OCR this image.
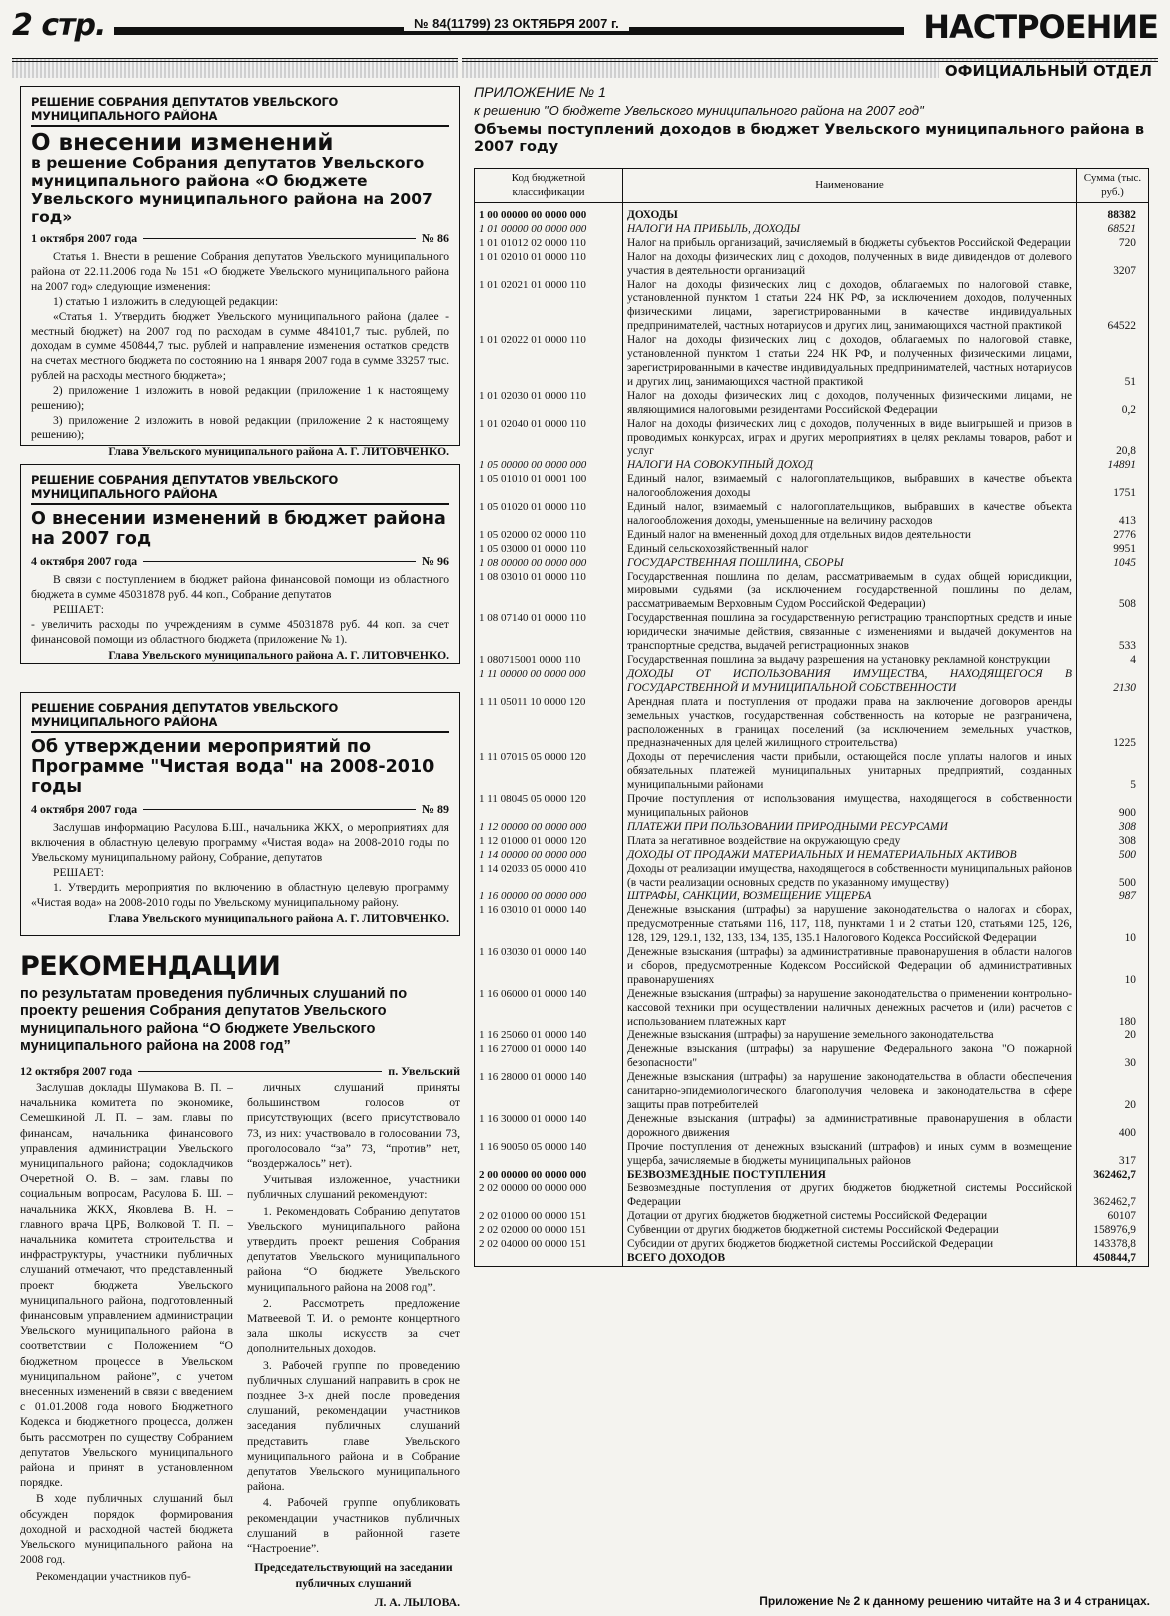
2 стр.	№ 84(11799) 23 ОКТЯБРЯ 2007 г.	НАСТРОЕНИЕ
ОФИЦИАЛЬНЫЙ ОТДЕЛ
РЕШЕНИЕ СОБРАНИЯ ДЕПУТАТОВ УВЕЛЬСКОГО МУНИЦИПАЛЬНОГО РАЙОНА
О внесении изменений
в решение Собрания депутатов Увельского муниципального района «О бюджете Увельского муниципального района на 2007 год»
1 октября 2007 года	№ 86

Статья 1. Внести в решение Собрания депутатов Увельского муниципального района от 22.11.2006 года № 151 «О бюджете Увельского муниципального района на 2007 год» следующие изменения:

1) статью 1 изложить в следующей редакции:

«Статья 1. Утвердить бюджет Увельского муниципального района (далее - местный бюджет) на 2007 год по расходам в сумме 484101,7 тыс. рублей, по доходам в сумме 450844,7 тыс. рублей и направление изменения остатков средств на счетах местного бюджета по состоянию на 1 января 2007 года в сумме 33257 тыс. рублей на расходы местного бюджета»;

2) приложение 1 изложить в новой редакции (приложение 1 к настоящему решению);

3) приложение 2 изложить в новой редакции (приложение 2 к настоящему решению);

Глава Увельского муниципального района А. Г. ЛИТОВЧЕНКО.

РЕШЕНИЕ СОБРАНИЯ ДЕПУТАТОВ УВЕЛЬСКОГО МУНИЦИПАЛЬНОГО РАЙОНА
О внесении изменений в бюджет района на 2007 год
4 октября 2007 года	№ 96

В связи с поступлением в бюджет района финансовой помощи из областного бюджета в сумме 45031878 руб. 44 коп., Собрание депутатов

РЕШАЕТ:

- увеличить расходы по учреждениям в сумме 45031878 руб. 44 коп. за счет финансовой помощи из областного бюджета (приложение № 1).

Глава Увельского муниципального района А. Г. ЛИТОВЧЕНКО.

РЕШЕНИЕ СОБРАНИЯ ДЕПУТАТОВ УВЕЛЬСКОГО МУНИЦИПАЛЬНОГО РАЙОНА
Об утверждении мероприятий по Программе "Чистая вода" на 2008-2010 годы
4 октября 2007 года	№ 89

Заслушав информацию Расулова Б.Ш., начальника ЖКХ, о мероприятиях для включения в областную целевую программу «Чистая вода» на 2008-2010 годы по Увельскому муниципальному району, Собрание, депутатов

РЕШАЕТ:

1. Утвердить мероприятия по включению в областную целевую программу «Чистая вода» на 2008-2010 годы по Увельскому муниципальному району.

Глава Увельского муниципального района А. Г. ЛИТОВЧЕНКО.

РЕКОМЕНДАЦИИ
по результатам проведения публичных слушаний по проекту решения Собрания депутатов Увельского муниципального района “О бюджете Увельского муниципального района на 2008 год”
12 октября 2007 года	п. Увельский

Заслушав доклады Шумакова В. П. – начальника комитета по экономике, Семешкиной Л. П. – зам. главы по финансам, начальника финансового управления администрации Увельского муниципального района; содокладчиков Очеретной О. В. – зам. главы по социальным вопросам, Расулова Б. Ш. – начальника ЖКХ, Яковлева В. Н. – главного врача ЦРБ, Волковой Т. П. – начальника комитета строительства и инфраструктуры, участники публичных слушаний отмечают, что представленный проект бюджета Увельского муниципального района, подготовленный финансовым управлением администрации Увельского муниципального района в соответствии с Положением “О бюджетном процессе в Увельском муниципальном районе”, с учетом внесенных изменений в связи с введением с 01.01.2008 года нового Бюджетного Кодекса и бюджетного процесса, должен быть рассмотрен по существу Собранием депутатов Увельского муниципального района и принят в установленном порядке.

В ходе публичных слушаний был обсужден порядок формирования доходной и расходной частей бюджета Увельского муниципального района на 2008 год.

Рекомендации участников пуб-

личных слушаний приняты большинством голосов от присутствующих (всего присутствовало 73, из них: участвовало в голосовании 73, проголосовало “за” 73, “против” нет, “воздержалось” нет).

Учитывая изложенное, участники публичных слушаний рекомендуют:

1. Рекомендовать Собранию депутатов Увельского муниципального района утвердить проект решения Собрания депутатов Увельского муниципального района “О бюджете Увельского муниципального района на 2008 год”.

2. Рассмотреть предложение Матвеевой Т. И. о ремонте концертного зала школы искусств за счет дополнительных доходов.

3. Рабочей группе по проведению публичных слушаний направить в срок не позднее 3-х дней после проведения слушаний, рекомендации участников заседания публичных слушаний представить главе Увельского муниципального района и в Собрание депутатов Увельского муниципального района.

4. Рабочей группе опубликовать рекомендации участников публичных слушаний в районной газете “Настроение”.

Председательствующий на заседании публичных слушаний

Л. А. ЛЫЛОВА.

ПРИЛОЖЕНИЕ № 1
к решению "О бюджете Увельского муниципального района на 2007 год"
Объемы поступлений доходов в бюджет Увельского муниципального района в 2007 году
Код бюджетной классификации	Наименование	Сумма (тыс. руб.)
1 00 00000 00 0000 000	ДОХОДЫ	88382
1 01 00000 00 0000 000	НАЛОГИ НА ПРИБЫЛЬ, ДОХОДЫ	68521
1 01 01012 02 0000 110	Налог на прибыль организаций, зачисляемый в бюджеты субъектов Российской Федерации	720
1 01 02010 01 0000 110	Налог на доходы физических лиц с доходов, полученных в виде дивидендов от долевого участия в деятельности организаций	3207
1 01 02021 01 0000 110	Налог на доходы физических лиц с доходов, облагаемых по налоговой ставке, установленной пунктом 1 статьи 224 НК РФ, за исключением доходов, полученных физическими лицами, зарегистрированными в качестве индивидуальных предпринимателей, частных нотариусов и других лиц, занимающихся частной практикой	64522
1 01 02022 01 0000 110	Налог на доходы физических лиц с доходов, облагаемых по налоговой ставке, установленной пунктом 1 статьи 224 НК РФ, и полученных физическими лицами, зарегистрированными в качестве индивидуальных предпринимателей, частных нотариусов и других лиц, занимающихся частной практикой	51
1 01 02030 01 0000 110	Налог на доходы физических лиц с доходов, полученных физическими лицами, не являющимися налоговыми резидентами Российской Федерации	0,2
1 01 02040 01 0000 110	Налог на доходы физических лиц с доходов, полученных в виде выигрышей и призов в проводимых конкурсах, играх и других мероприятиях в целях рекламы товаров, работ и услуг	20,8
1 05 00000 00 0000 000	НАЛОГИ НА СОВОКУПНЫЙ ДОХОД	14891
1 05 01010 01 0001 100	Единый налог, взимаемый с налогоплательщиков, выбравших в качестве объекта налогообложения доходы	1751
1 05 01020 01 0000 110	Единый налог, взимаемый с налогоплательщиков, выбравших в качестве объекта налогообложения доходы, уменьшенные на величину расходов	413
1 05 02000 02 0000 110	Единый налог на вмененный доход для отдельных видов деятельности	2776
1 05 03000 01 0000 110	Единый сельскохозяйственный налог	9951
1 08 00000 00 0000 000	ГОСУДАРСТВЕННАЯ ПОШЛИНА, СБОРЫ	1045
1 08 03010 01 0000 110	Государственная пошлина по делам, рассматриваемым в судах общей юрисдикции, мировыми судьями (за исключением государственной пошлины по делам, рассматриваемым Верховным Судом Российской Федерации)	508
1 08 07140 01 0000 110	Государственная пошлина за государственную регистрацию транспортных средств и иные юридически значимые действия, связанные с изменениями и выдачей документов на транспортные средства, выдачей регистрационных знаков	533
1 080715001 0000 110	Государственная пошлина за выдачу разрешения на установку рекламной конструкции	4
1 11 00000 00 0000 000	ДОХОДЫ ОТ ИСПОЛЬЗОВАНИЯ ИМУЩЕСТВА, НАХОДЯЩЕГОСЯ В ГОСУДАРСТВЕННОЙ И МУНИЦИПАЛЬНОЙ СОБСТВЕННОСТИ	2130
1 11 05011 10 0000 120	Арендная плата и поступления от продажи права на заключение договоров аренды земельных участков, государственная собственность на которые не разграничена, расположенных в границах поселений (за исключением земельных участков, предназначенных для целей жилищного строительства)	1225
1 11 07015 05 0000 120	Доходы от перечисления части прибыли, остающейся после уплаты налогов и иных обязательных платежей муниципальных унитарных предприятий, созданных муниципальными районами	5
1 11 08045 05 0000 120	Прочие поступления от использования имущества, находящегося в собственности муниципальных районов	900
1 12 00000 00 0000 000	ПЛАТЕЖИ ПРИ ПОЛЬЗОВАНИИ ПРИРОДНЫМИ РЕСУРСАМИ	308
1 12 01000 01 0000 120	Плата за негативное воздействие на окружающую среду	308
1 14 00000 00 0000 000	ДОХОДЫ ОТ ПРОДАЖИ МАТЕРИАЛЬНЫХ И НЕМАТЕРИАЛЬНЫХ АКТИВОВ	500
1 14 02033 05 0000 410	Доходы от реализации имущества, находящегося в собственности муниципальных районов (в части реализации основных средств по указанному имуществу)	500
1 16 00000 00 0000 000	ШТРАФЫ, САНКЦИИ, ВОЗМЕЩЕНИЕ УЩЕРБА	987
1 16 03010 01 0000 140	Денежные взыскания (штрафы) за нарушение законодательства о налогах и сборах, предусмотренные статьями 116, 117, 118, пунктами 1 и 2 статьи 120, статьями 125, 126, 128, 129, 129.1, 132, 133, 134, 135, 135.1 Налогового Кодекса Российской Федерации	10
1 16 03030 01 0000 140	Денежные взыскания (штрафы) за административные правонарушения в области налогов и сборов, предусмотренные Кодексом Российской Федерации об административных правонарушениях	10
1 16 06000 01 0000 140	Денежные взыскания (штрафы) за нарушение законодательства о применении контрольно-кассовой техники при осуществлении наличных денежных расчетов и (или) расчетов с использованием платежных карт	180
1 16 25060 01 0000 140	Денежные взыскания (штрафы) за нарушение земельного законодательства	20
1 16 27000 01 0000 140	Денежные взыскания (штрафы) за нарушение Федерального закона "О пожарной безопасности"	30
1 16 28000 01 0000 140	Денежные взыскания (штрафы) за нарушение законодательства в области обеспечения санитарно-эпидемиологического благополучия человека и законодательства в сфере защиты прав потребителей	20
1 16 30000 01 0000 140	Денежные взыскания (штрафы) за административные правонарушения в области дорожного движения	400
1 16 90050 05 0000 140	Прочие поступления от денежных взысканий (штрафов) и иных сумм в возмещение ущерба, зачисляемые в бюджеты муниципальных районов	317
2 00 00000 00 0000 000	БЕЗВОЗМЕЗДНЫЕ ПОСТУПЛЕНИЯ	362462,7
2 02 00000 00 0000 000	Безвозмездные поступления от других бюджетов бюджетной системы Российской Федерации	362462,7
2 02 01000 00 0000 151	Дотации от других бюджетов бюджетной системы Российской Федерации	60107
2 02 02000 00 0000 151	Субвенции от других бюджетов бюджетной системы Российской Федерации	158976,9
2 02 04000 00 0000 151	Субсидии от других бюджетов бюджетной системы Российской Федерации	143378,8
	ВСЕГО ДОХОДОВ	450844,7
Приложение № 2 к данному решению читайте на 3 и 4 страницах.
